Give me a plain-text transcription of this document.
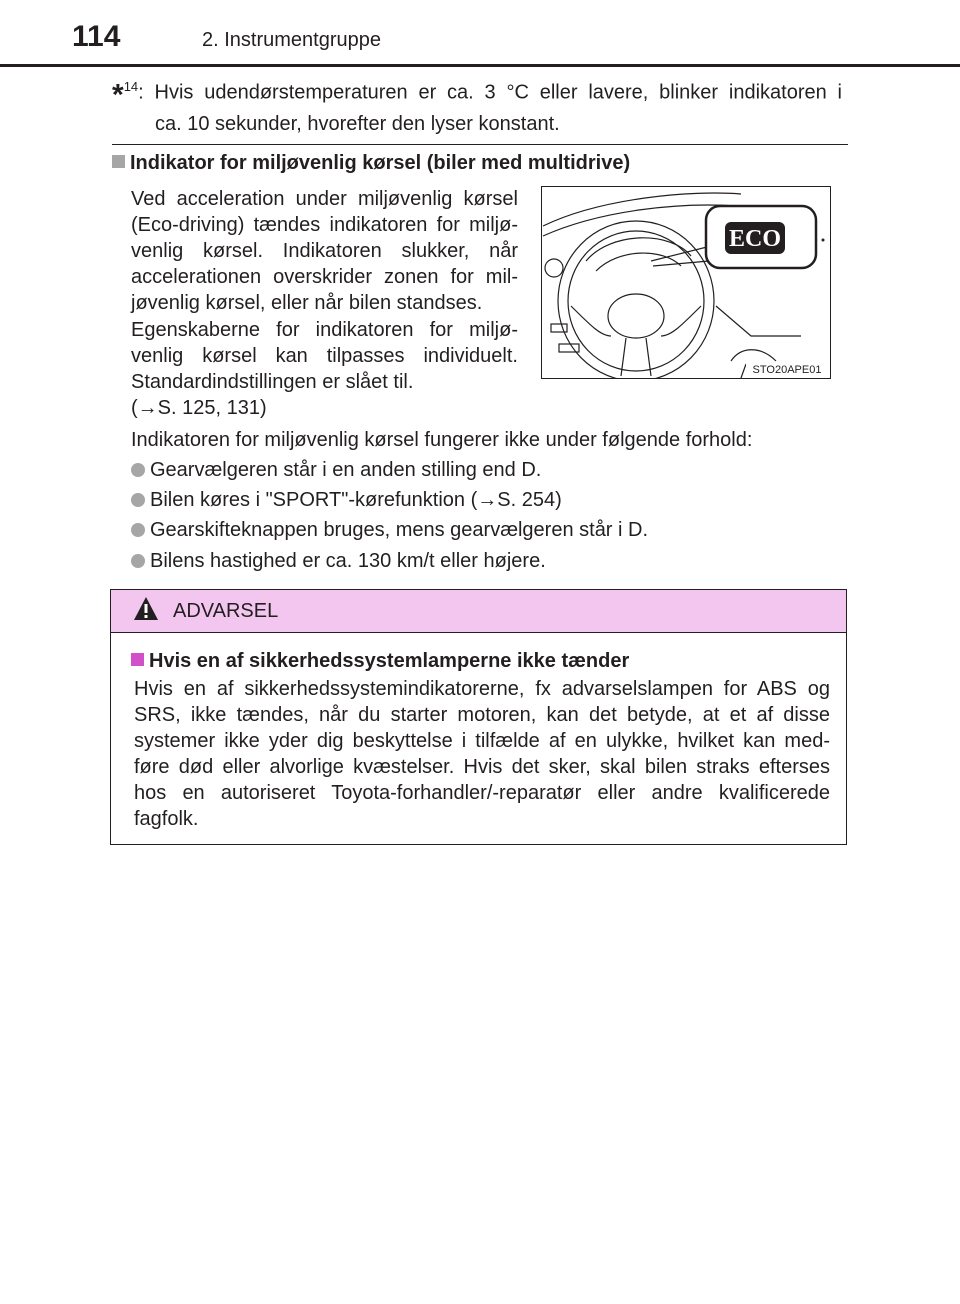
114	2. Instrumentgruppe
*$^{14}$: Hvis udendørstemperaturen er ca. 3 °C eller lavere, blinker indikatoren i
ca. 10 sekunder, hvorefter den lyser konstant.
Indikator for miljøvenlig kørsel (biler med multidrive)
Ved acceleration under miljøvenlig kørsel
(Eco-driving) tændes indikatoren for miljø-
venlig kørsel. Indikatoren slukker, når
accelerationen overskrider zonen for mil-
jøvenlig kørsel, eller når bilen standses.
Egenskaberne for indikatoren for miljø-
venlig kørsel kan tilpasses individuelt.
Standardindstillingen er slået til.
(→S. 125, 131)
ECO
STO20APE01
Indikatoren for miljøvenlig kørsel fungerer ikke under følgende forhold:
Gearvælgeren står i en anden stilling end D.
Bilen køres i "SPORT"-kørefunktion (→S. 254)
Gearskifteknappen bruges, mens gearvælgeren står i D.
Bilens hastighed er ca. 130 km/t eller højere.
ADVARSEL
Hvis en af sikkerhedssystemlamperne ikke tænder
Hvis en af sikkerhedssystemindikatorerne, fx advarselslampen for ABS og
SRS, ikke tændes, når du starter motoren, kan det betyde, at et af disse
systemer ikke yder dig beskyttelse i tilfælde af en ulykke, hvilket kan med-
føre død eller alvorlige kvæstelser. Hvis det sker, skal bilen straks efterses
hos en autoriseret Toyota-forhandler/-reparatør eller andre kvalificerede
fagfolk.
